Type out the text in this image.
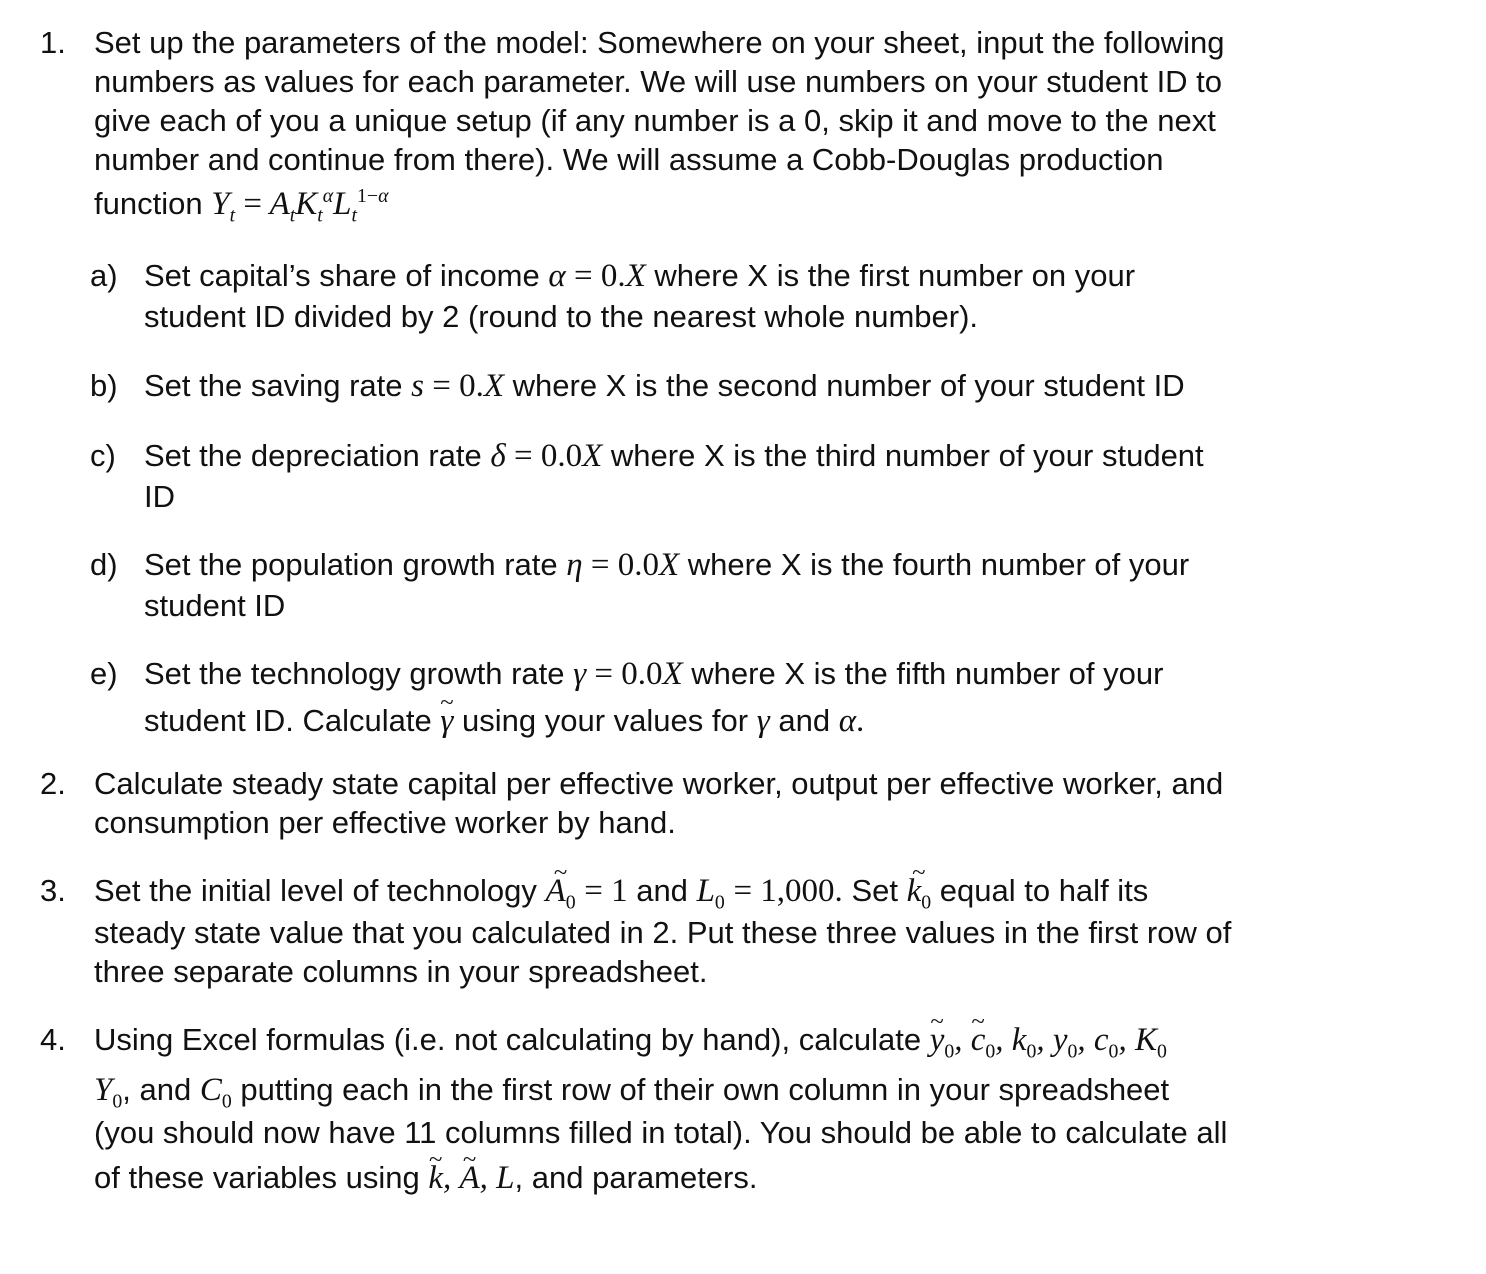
1. Set up the parameters of the model: Somewhere on your sheet, input the following
numbers as values for each parameter. We will use numbers on your student ID to
give each of you a unique setup (if any number is a 0, skip it and move to the next
number and continue from there). We will assume a Cobb-Douglas production
function $Y_t = A_tK_t^\alpha L_t^{1-\alpha}$
a) Set capital’s share of income α = 0.X where X is the first number on your
student ID divided by 2 (round to the nearest whole number).
b) Set the saving rate s = 0.X where X is the second number of your student ID
c) Set the depreciation rate δ = 0.0X where X is the third number of your student
ID
d) Set the population growth rate η = 0.0X where X is the fourth number of your
student ID
e) Set the technology growth rate γ = 0.0X where X is the fifth number of your
student ID. Calculate γ ~ using your values for γ and α.
2. Calculate steady state capital per effective worker, output per effective worker, and
consumption per effective worker by hand.
3. Set the initial level of technology $A_0$ ~ = 1 and $L_0 = 1,000$. Set $k_0$ ~ equal to half its
steady state value that you calculated in 2. Put these three values in the first row of
three separate columns in your spreadsheet.
4. Using Excel formulas (i.e. not calculating by hand), calculate y $\sim_0$, c $\sim_0$, $k_0$, $y_0$, $c_0$, $K_0$
$Y_0$, and $C_0$ putting each in the first row of their own column in your spreadsheet
(you should now have 11 columns filled in total). You should be able to calculate all
of these variables using k ~, A ~, L, and parameters.
